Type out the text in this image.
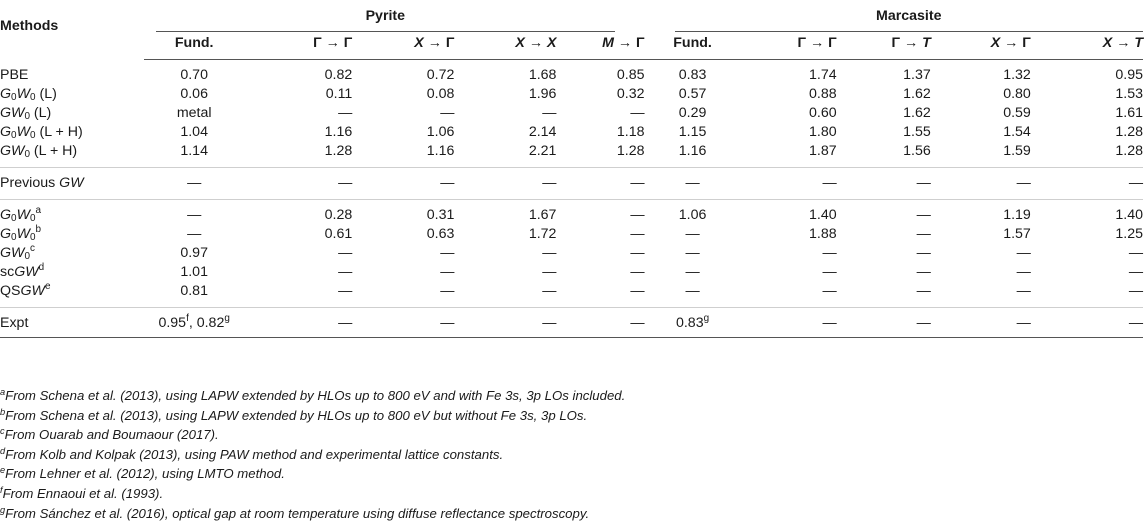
Methods	Pyrite					Marcasite				

	Fund.	Γ → Γ	X → Γ	X → X	M → Γ	Fund.	Γ → Γ	Γ → T	X → Γ	X → T
PBE	0.70	0.82	0.72	1.68	0.85	0.83	1.74	1.37	1.32	0.95
$G_0W_0$ (L)	0.06	0.11	0.08	1.96	0.32	0.57	0.88	1.62	0.80	1.53
$GW_0$ (L)	metal	—	—	—	—	0.29	0.60	1.62	0.59	1.61
$G_0W_0$ (L + H)	1.04	1.16	1.06	2.14	1.18	1.15	1.80	1.55	1.54	1.28
$GW_0$ (L + H)	1.14	1.28	1.16	2.21	1.28	1.16	1.87	1.56	1.59	1.28
Previous GW	—	—	—	—	—	—	—	—	—	—
$G_0W_0^a$	—	0.28	0.31	1.67	—	1.06	1.40	—	1.19	1.40
$G_0W_0^b$	—	0.61	0.63	1.72	—	—	1.88	—	1.57	1.25
$GW_0^c$	0.97	—	—	—	—	—	—	—	—	—
scGW$^d$	1.01	—	—	—	—	—	—	—	—	—
QSGW$^e$	0.81	—	—	—	—	—	—	—	—	—
Expt	0.95$^f$, 0.82$^g$	—	—	—	—	0.83$^g$	—	—	—	—
$^a$From Schena et al. (2013), using LAPW extended by HLOs up to 800 eV and with Fe 3s, 3p LOs included.
$^b$From Schena et al. (2013), using LAPW extended by HLOs up to 800 eV but without Fe 3s, 3p LOs.
$^c$From Ouarab and Boumaour (2017).
$^d$From Kolb and Kolpak (2013), using PAW method and experimental lattice constants.
$^e$From Lehner et al. (2012), using LMTO method.
$^f$From Ennaoui et al. (1993).
$^g$From Sánchez et al. (2016), optical gap at room temperature using diffuse reflectance spectroscopy.
